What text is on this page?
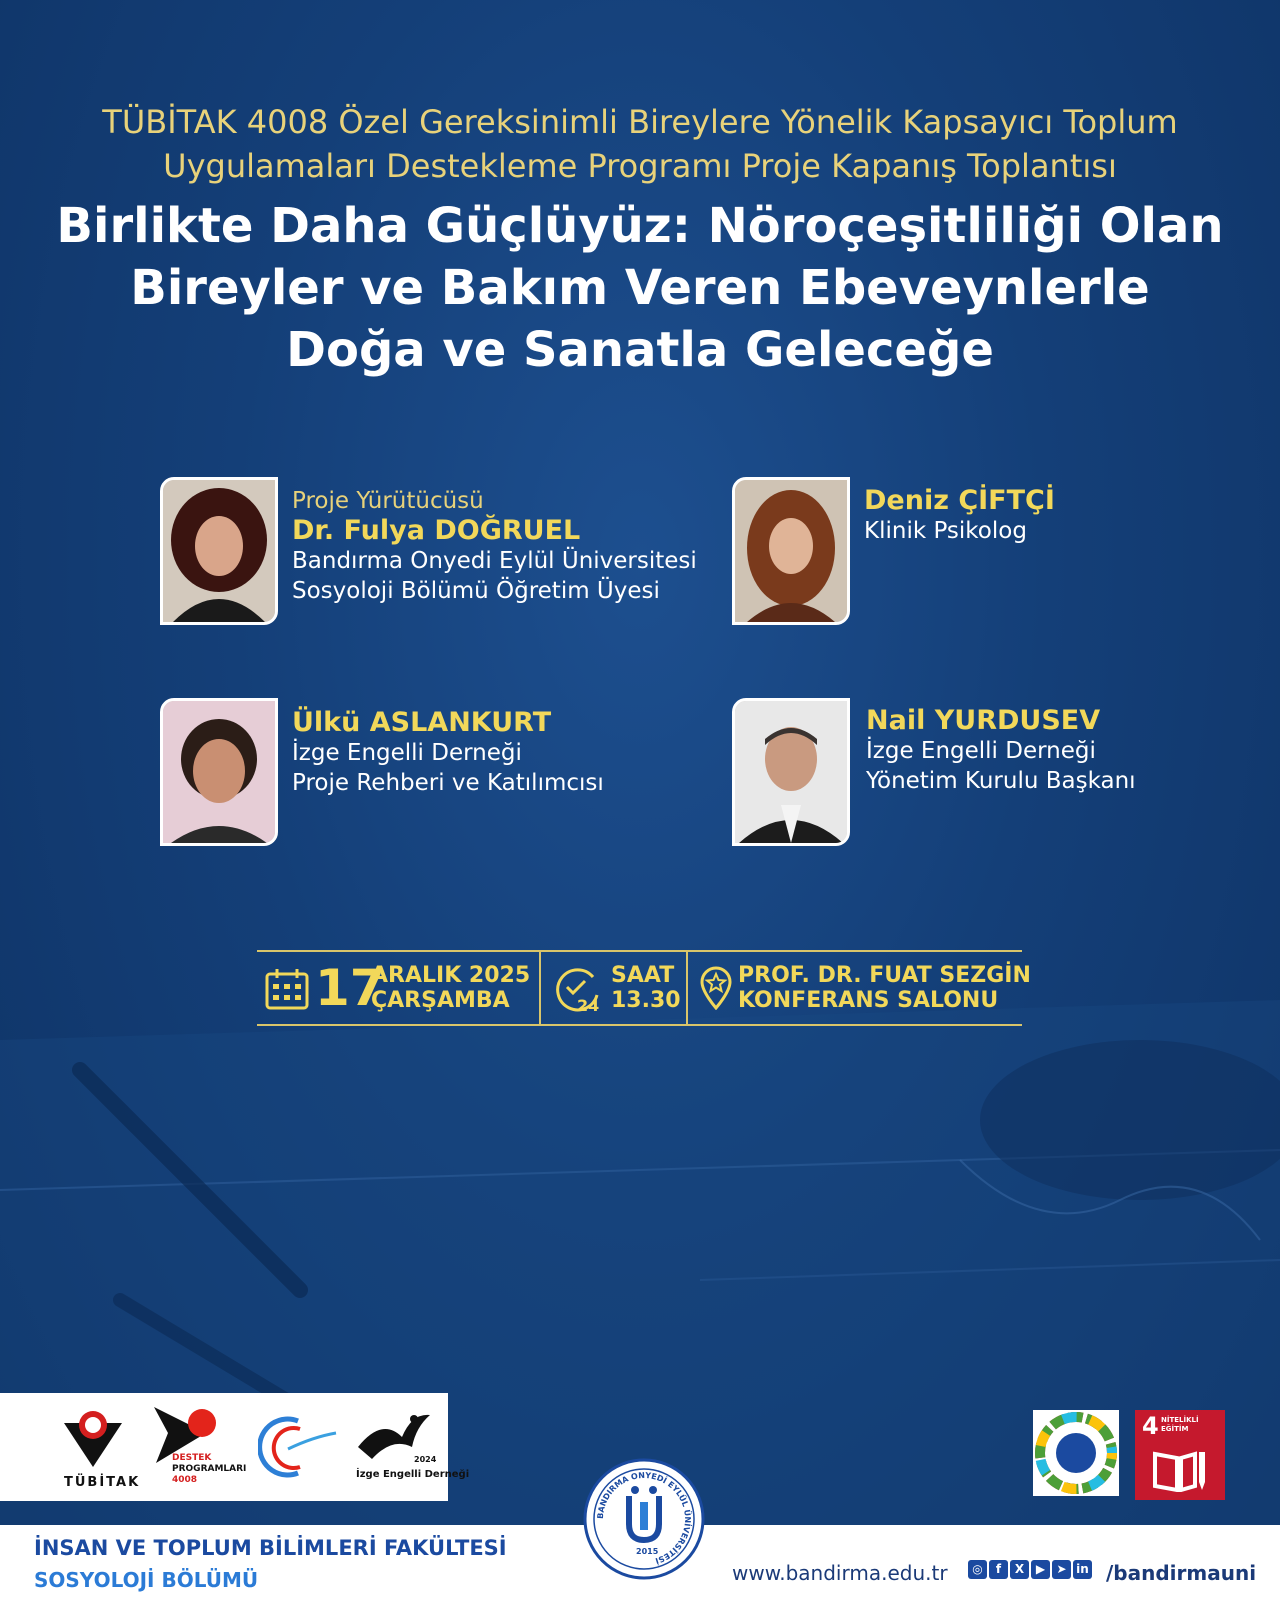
TÜBİTAK 4008 Özel Gereksinimli Bireylere Yönelik Kapsayıcı Toplum
Uygulamaları Destekleme Programı Proje Kapanış Toplantısı
Birlikte Daha Güçlüyüz: Nöroçeşitliliği Olan
Bireyler ve Bakım Veren Ebeveynlerle
Doğa ve Sanatla Geleceğe
Proje Yürütücüsü
Dr. Fulya DOĞRUEL
Bandırma Onyedi Eylül Üniversitesi
Sosyoloji Bölümü Öğretim Üyesi
Deniz ÇİFTÇİ
Klinik Psikolog
Ülkü ASLANKURT
İzge Engelli Derneği
Proje Rehberi ve Katılımcısı
Nail YURDUSEV
İzge Engelli Derneği
Yönetim Kurulu Başkanı
17
ARALIK 2025
ÇARŞAMBA	24
SAAT
13.30
PROF. DR. FUAT SEZGİN
KONFERANS SALONU
TÜBİTAK
DESTEK
PROGRAMLARI
4008
2024
İzge Engelli Derneği
4 NİTELİKLİ
EĞİTİM
İNSAN VE TOPLUM BİLİMLERİ FAKÜLTESİ
SOSYOLOJİ BÖLÜMÜ	www.bandirma.edu.tr	◎ f X ▶ ➤ in /bandirmauni
BANDIRMA ONYEDİ EYLÜL ÜNİVERSİTESİ
2015
